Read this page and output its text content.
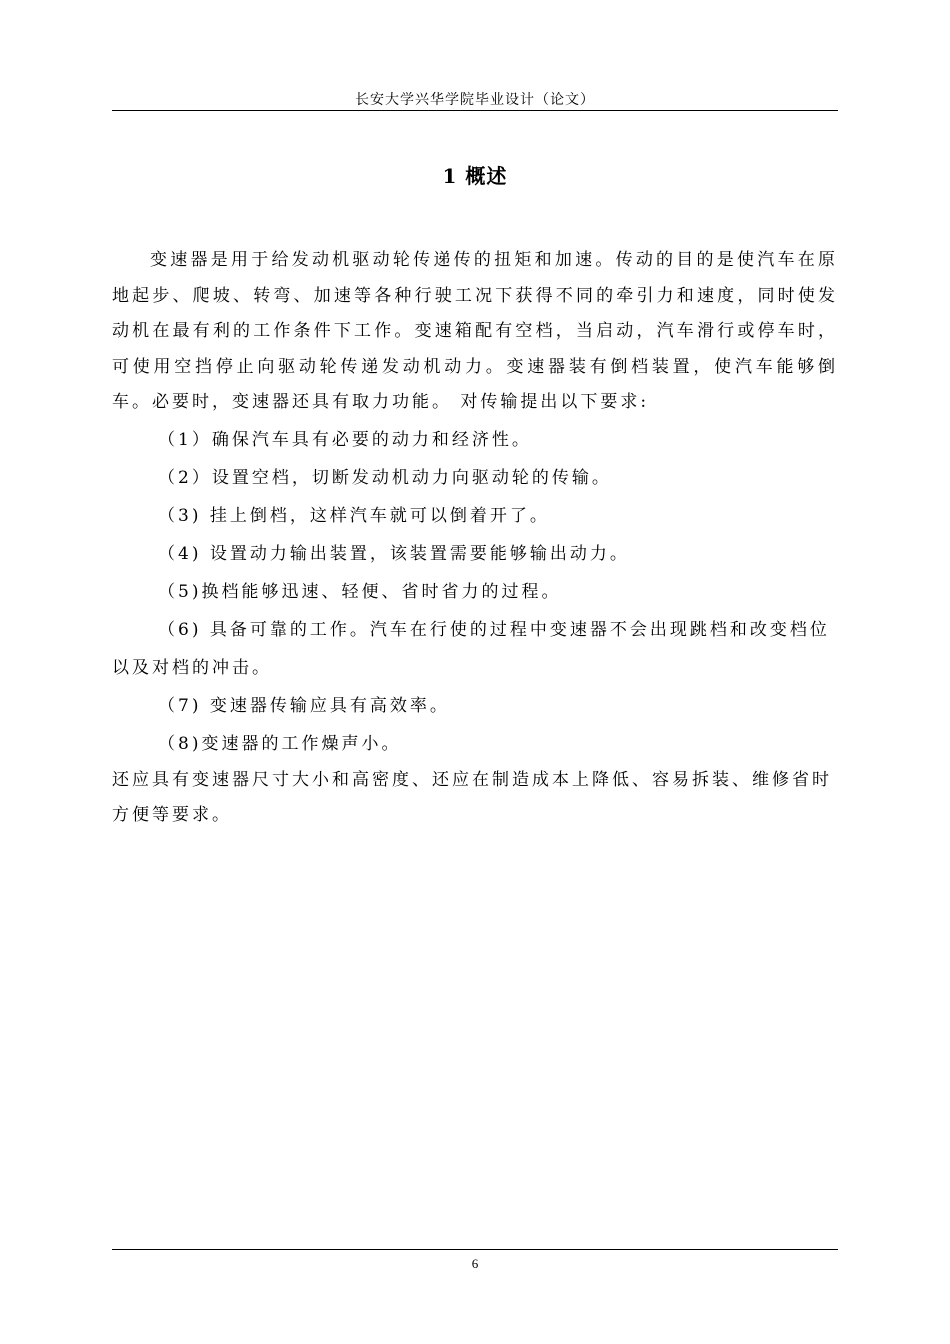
长安大学兴华学院毕业设计（论文）
1 概述

变速器是用于给发动机驱动轮传递传的扭矩和加速。传动的目的是使汽车在原地起步、爬坡、转弯、加速等各种行驶工况下获得不同的牵引力和速度，同时使发动机在最有利的工作条件下工作。变速箱配有空档，当启动，汽车滑行或停车时，可使用空挡停止向驱动轮传递发动机动力。变速器装有倒档装置，使汽车能够倒车。必要时，变速器还具有取力功能。 对传输提出以下要求:

（1）确保汽车具有必要的动力和经济性。

（2）设置空档，切断发动机动力向驱动轮的传输。

（3) 挂上倒档，这样汽车就可以倒着开了。

（4) 设置动力输出装置，该装置需要能够输出动力。

（5)换档能够迅速、轻便、省时省力的过程。

（6) 具备可靠的工作。汽车在行使的过程中变速器不会出现跳档和改变档位以及对档的冲击。

（7) 变速器传输应具有高效率。

（8)变速器的工作燥声小。

还应具有变速器尺寸大小和高密度、还应在制造成本上降低、容易拆装、维修省时方便等要求。

6
